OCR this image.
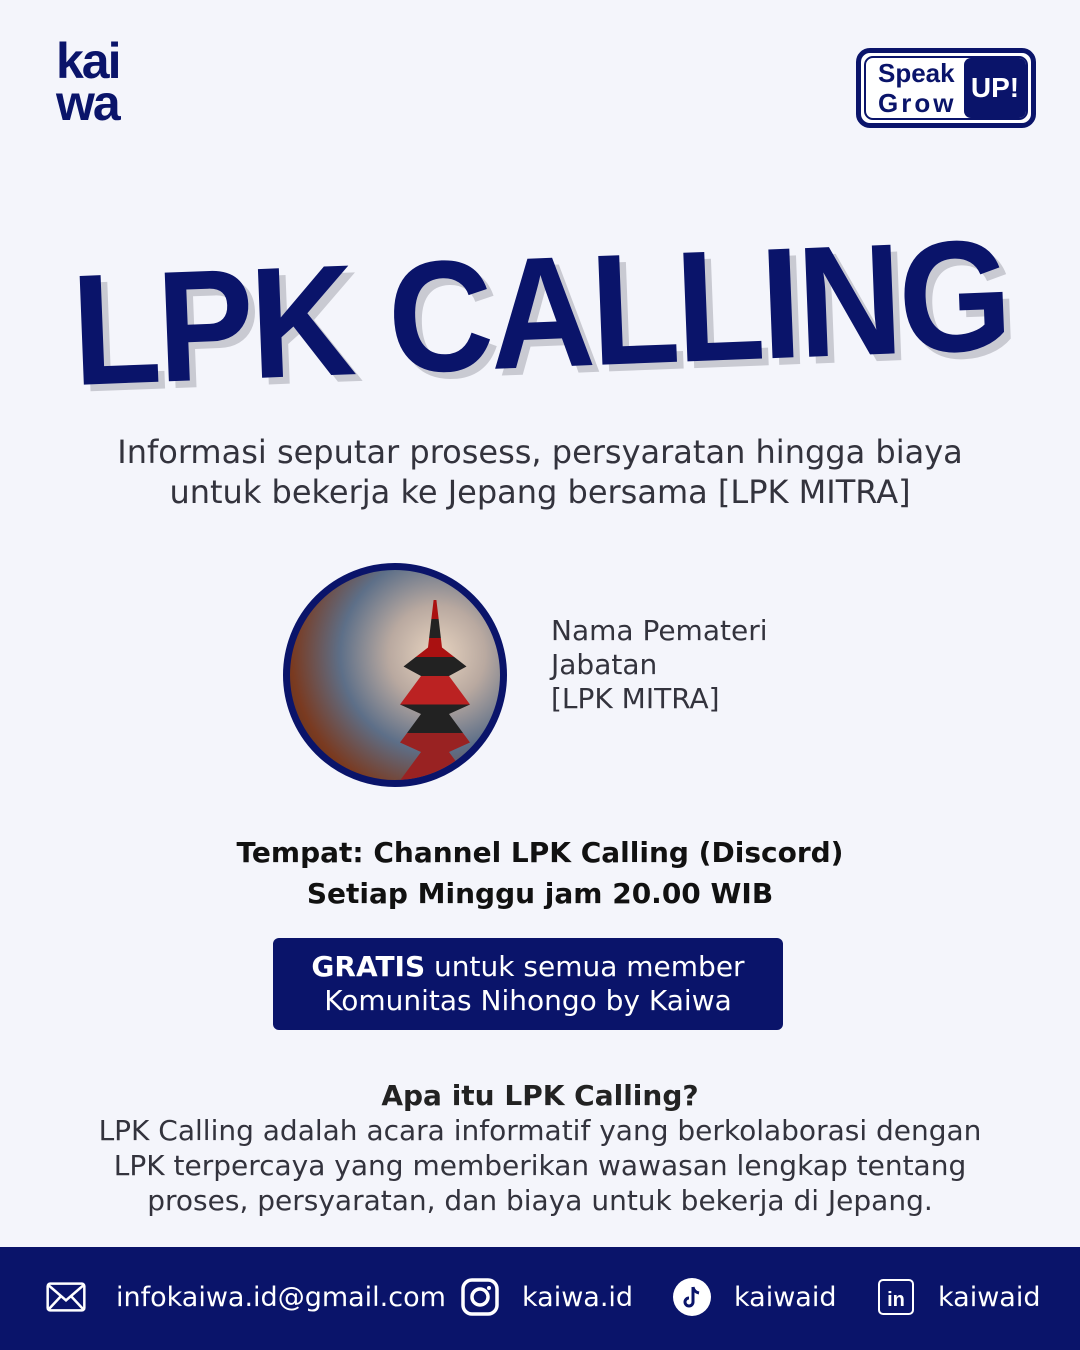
kai
wa
Speak
Grow UP!
LPK CALLING
Informasi seputar prosess, persyaratan hingga biaya
untuk bekerja ke Jepang bersama [LPK MITRA]
Nama Pemateri
Jabatan
[LPK MITRA]
Tempat: Channel LPK Calling (Discord)
Setiap Minggu jam 20.00 WIB
GRATIS untuk semua member
Komunitas Nihongo by Kaiwa
Apa itu LPK Calling?
LPK Calling adalah acara informatif yang berkolaborasi dengan
LPK terpercaya yang memberikan wawasan lengkap tentang
proses, persyaratan, dan biaya untuk bekerja di Jepang.
infokaiwa.id@gmail.com	kaiwa.id	kaiwaid	in kaiwaid
